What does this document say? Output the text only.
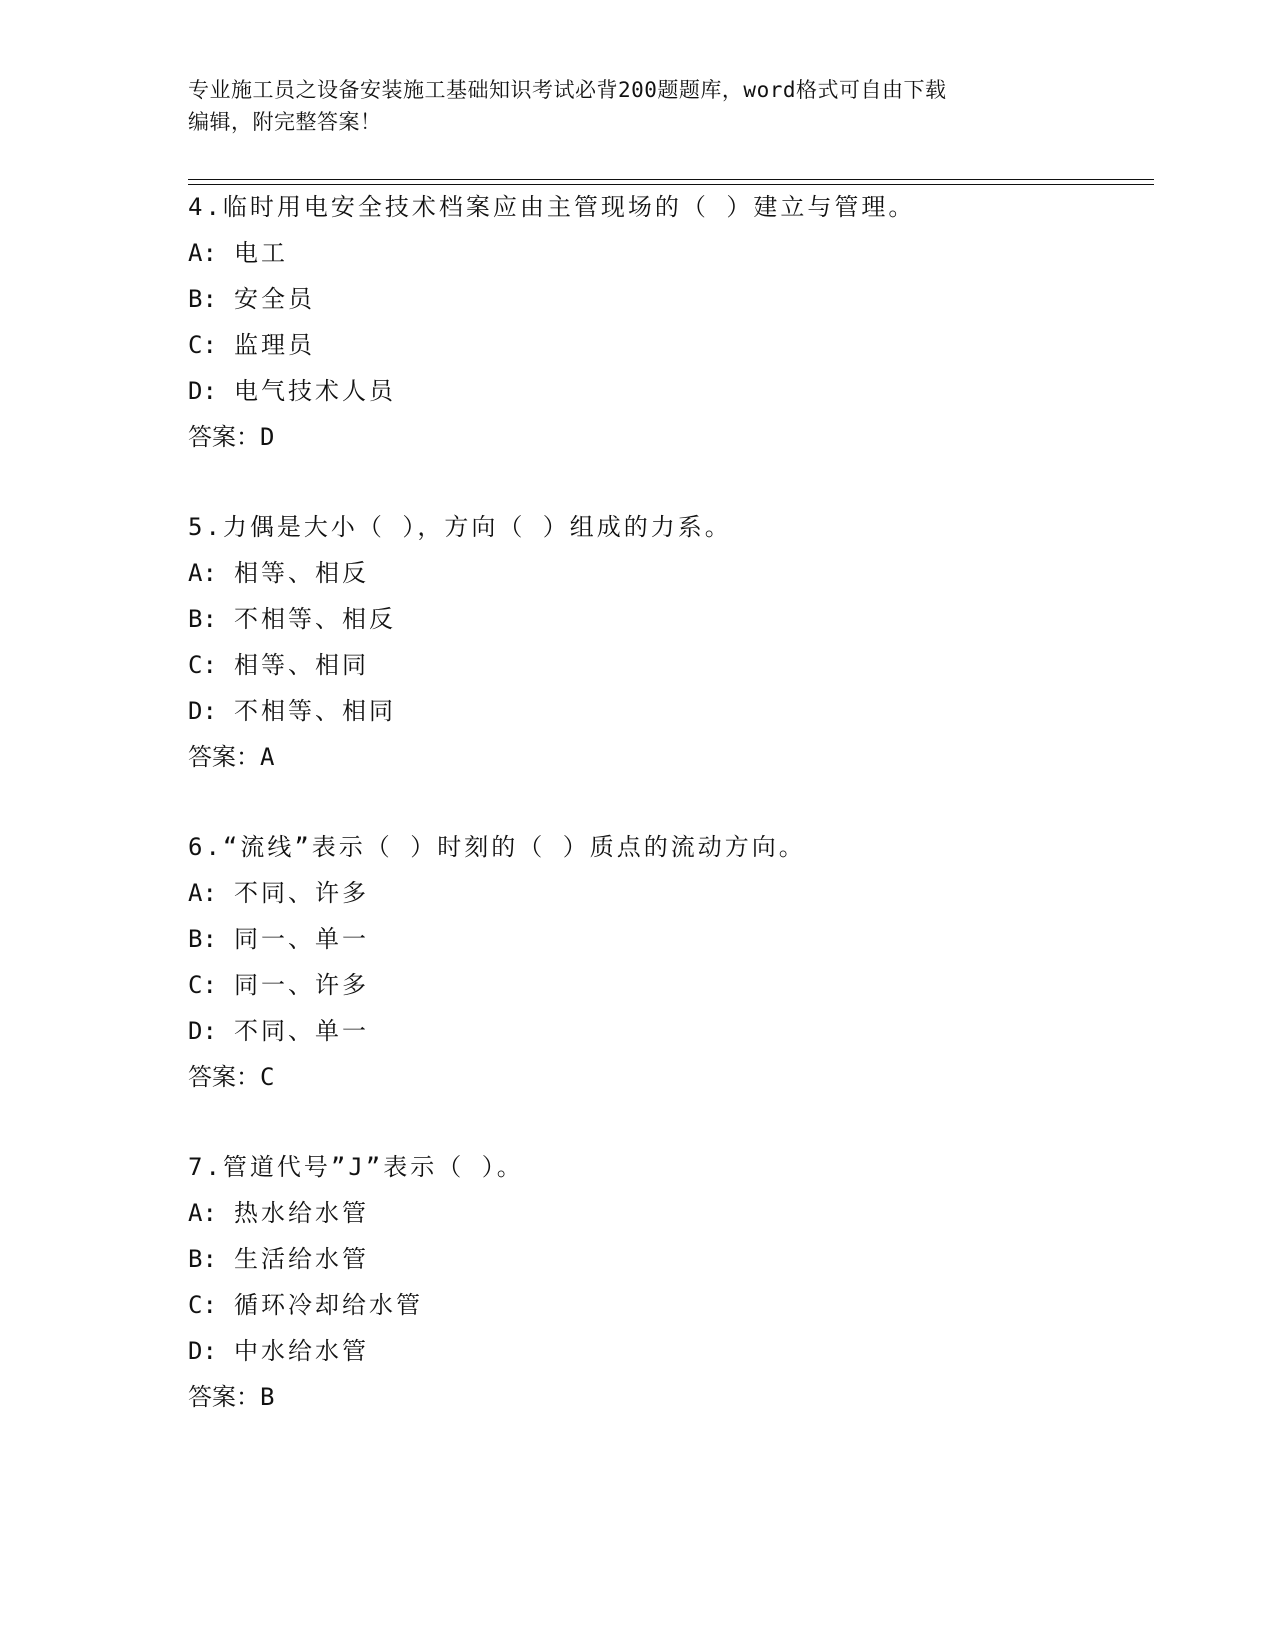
专业施工员之设备安装施工基础知识考试必背200题题库，word格式可自由下载
编辑，附完整答案！
4.临时用电安全技术档案应由主管现场的（ ）建立与管理。
A: 电工
B: 安全员
C: 监理员
D: 电气技术人员
答案：D
5.力偶是大小（ ），方向（ ）组成的力系。
A: 相等、相反
B: 不相等、相反
C: 相等、相同
D: 不相等、相同
答案：A
6.“流线”表示（ ）时刻的（ ）质点的流动方向。
A: 不同、许多
B: 同一、单一
C: 同一、许多
D: 不同、单一
答案：C
7.管道代号”J”表示（ ）。
A: 热水给水管
B: 生活给水管
C: 循环冷却给水管
D: 中水给水管
答案：B
